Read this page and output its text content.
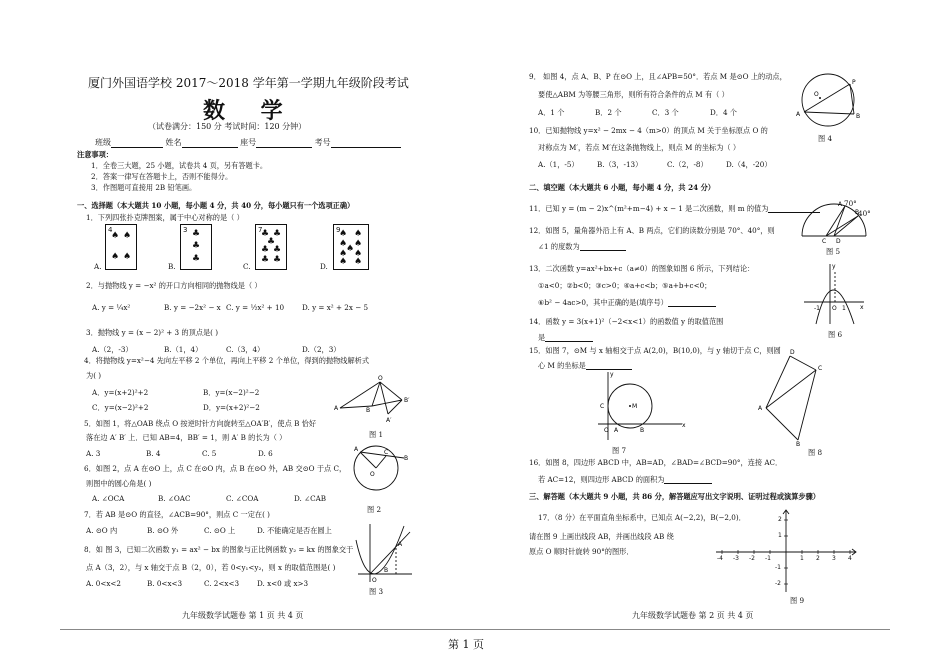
厦门外国语学校 2017～2018 学年第一学期九年级阶段考试
数 学
（试卷满分：150 分 考试时间：120 分钟）
班级	姓名	座号	考号
注意事项：
1．全卷三大题，25 小题，试卷共 4 页，另有答题卡。
2．答案一律写在答题卡上，否则不能得分。
3．作图题可直接用 2B 铅笔画。
一、选择题（本大题共 10 小题，每小题 4 分，共 40 分，每小题只有一个选项正确）
1．下列四张扑克牌图案，属于中心对称的是（ ）
A.
4
♠ ♠
♠ ♠
B.
3 ♣
♣
♣
C.
7
♣ ♣
♣
♣ ♣
♣ ♣
D.
9
♠ ♠
♠ ♠
♠
♠ ♠
♠ ♠
2．与抛物线 y = −x² 的开口方向相同的抛物线是（ ）
A. y = ¼x²	B. y = −2x² − x C. y = ½x² + 10 D. y = x² + 2x − 5
3．抛物线 y = (x − 2)² + 3 的顶点是( )
A.（2，-3）	B.（1，4）	C.（3，4）	D.（2，3）
4．将抛物线 y=x²−4 先向左平移 2 个单位，再向上平移 2 个单位，得到的抛物线解析式
为( )
A．y=(x+2)²+2	B．y=(x−2)²−2
C．y=(x−2)²+2	D．y=(x+2)²−2
O
A	B
B′
A′
图 1
5．如图 1，将△OAB 绕点 O 按逆时针方向旋转至△OA′B′，使点 B 恰好
落在边 A′ B′ 上．已知 AB=4，BB′ = 1，则 A′ B 的长为（ ）
A. 3	B. 4	C. 5	D. 6	A	C
B
O
图 2
6．如图 2，点 A 在⊙O 上，点 C 在⊙O 内，点 B 在⊙O 外，AB 交⊙O 于点 C，
则图中的圆心角是( )
A. ∠OCA	B. ∠OAC	C. ∠COA	D. ∠CAB
7．若 AB 是⊙O 的直径，∠ACB=90°，则点 C 一定在( )
A. ⊙O 内	B. ⊙O 外	C. ⊙O 上	D. 不能确定是否在圆上
8．如 图 3，已知二次函数 y₁ = ax² − bx 的图象与正比例函数 y₂ = kx 的图象交于
点 A（3，2），与 x 轴交于点 B（2，0），若 0<y₁<y₂，则 x 的取值范围是( )
A. 0<x<2	B. 0<x<3	C. 2<x<3 D. x<0 或 x>3	O
B
A
图 3
九年级数学试题卷 第 1 页 共 4 页
9． 如图 4，点 A、B、P 在⊙O 上，且∠APB=50°．若点 M 是⊙O 上的动点，
要使△ABM 为等腰三角形，则所有符合条件的点 M 有（ ）
A．1 个	B．2 个	C．3 个	D．4 个
O
A	B
P
图 4
10．已知抛物线 y=x² − 2mx − 4（m>0）的顶点 M 关于坐标原点 O 的
对称点为 M′，若点 M′在这条抛物线上，则点 M 的坐标为（ ）
A.（1，-5）	B.（3，-13）	C.（2，-8）	D.（4，-20）
二、填空题（本大题共 6 小题，每小题 4 分，共 24 分）
11．已知 y = (m − 2)x^(m²+m−4) + x − 1 是二次函数，则 m 的值为
C D
A
B
70°
40°
图 5
12．如图 5，量角器外沿上有 A、B 两点，它们的读数分别是 70°、40°，则
∠1 的度数为
13．二次函数 y=ax²+bx+c（a≠0）的图象如图 6 所示，下列结论：
①a<0；②b<0；③c>0；④a+c<b；⑤a+b+c<0；
⑥b² − 4ac>0，其中正确的是(填序号）
-1 O 1
y
x
图 6
14．函数 y = 3(x+1)²（−2<x<1）的函数值 y 的取值范围
是
15．如图 7，⊙M 与 x 轴相交于点 A(2,0)，B(10,0)，与 y 轴切于点 C，则圆
心 M 的坐标是
M
C
O A	B
x
y
图 7
D
C
A
B
图 8
16．如图 8，四边形 ABCD 中，AB=AD，∠BAD=∠BCD=90°，连接 AC．
若 AC=12，则四边形 ABCD 的面积为
三、解答题（本大题共 9 小题，共 86 分，解答题应写出文字说明、证明过程或演算步骤）
17．（8 分）在平面直角坐标系中，已知点 A(−2,2)，B(−2,0)．
请在图 9 上画出线段 AB，并画出线段 AB 绕
原点 O 顺时针旋转 90°的图形．
-4 -3 -2 -1	1 2 3 4
2
1
-1
-2
图 9
九年级数学试题卷 第 2 页 共 4 页
第 1 页
